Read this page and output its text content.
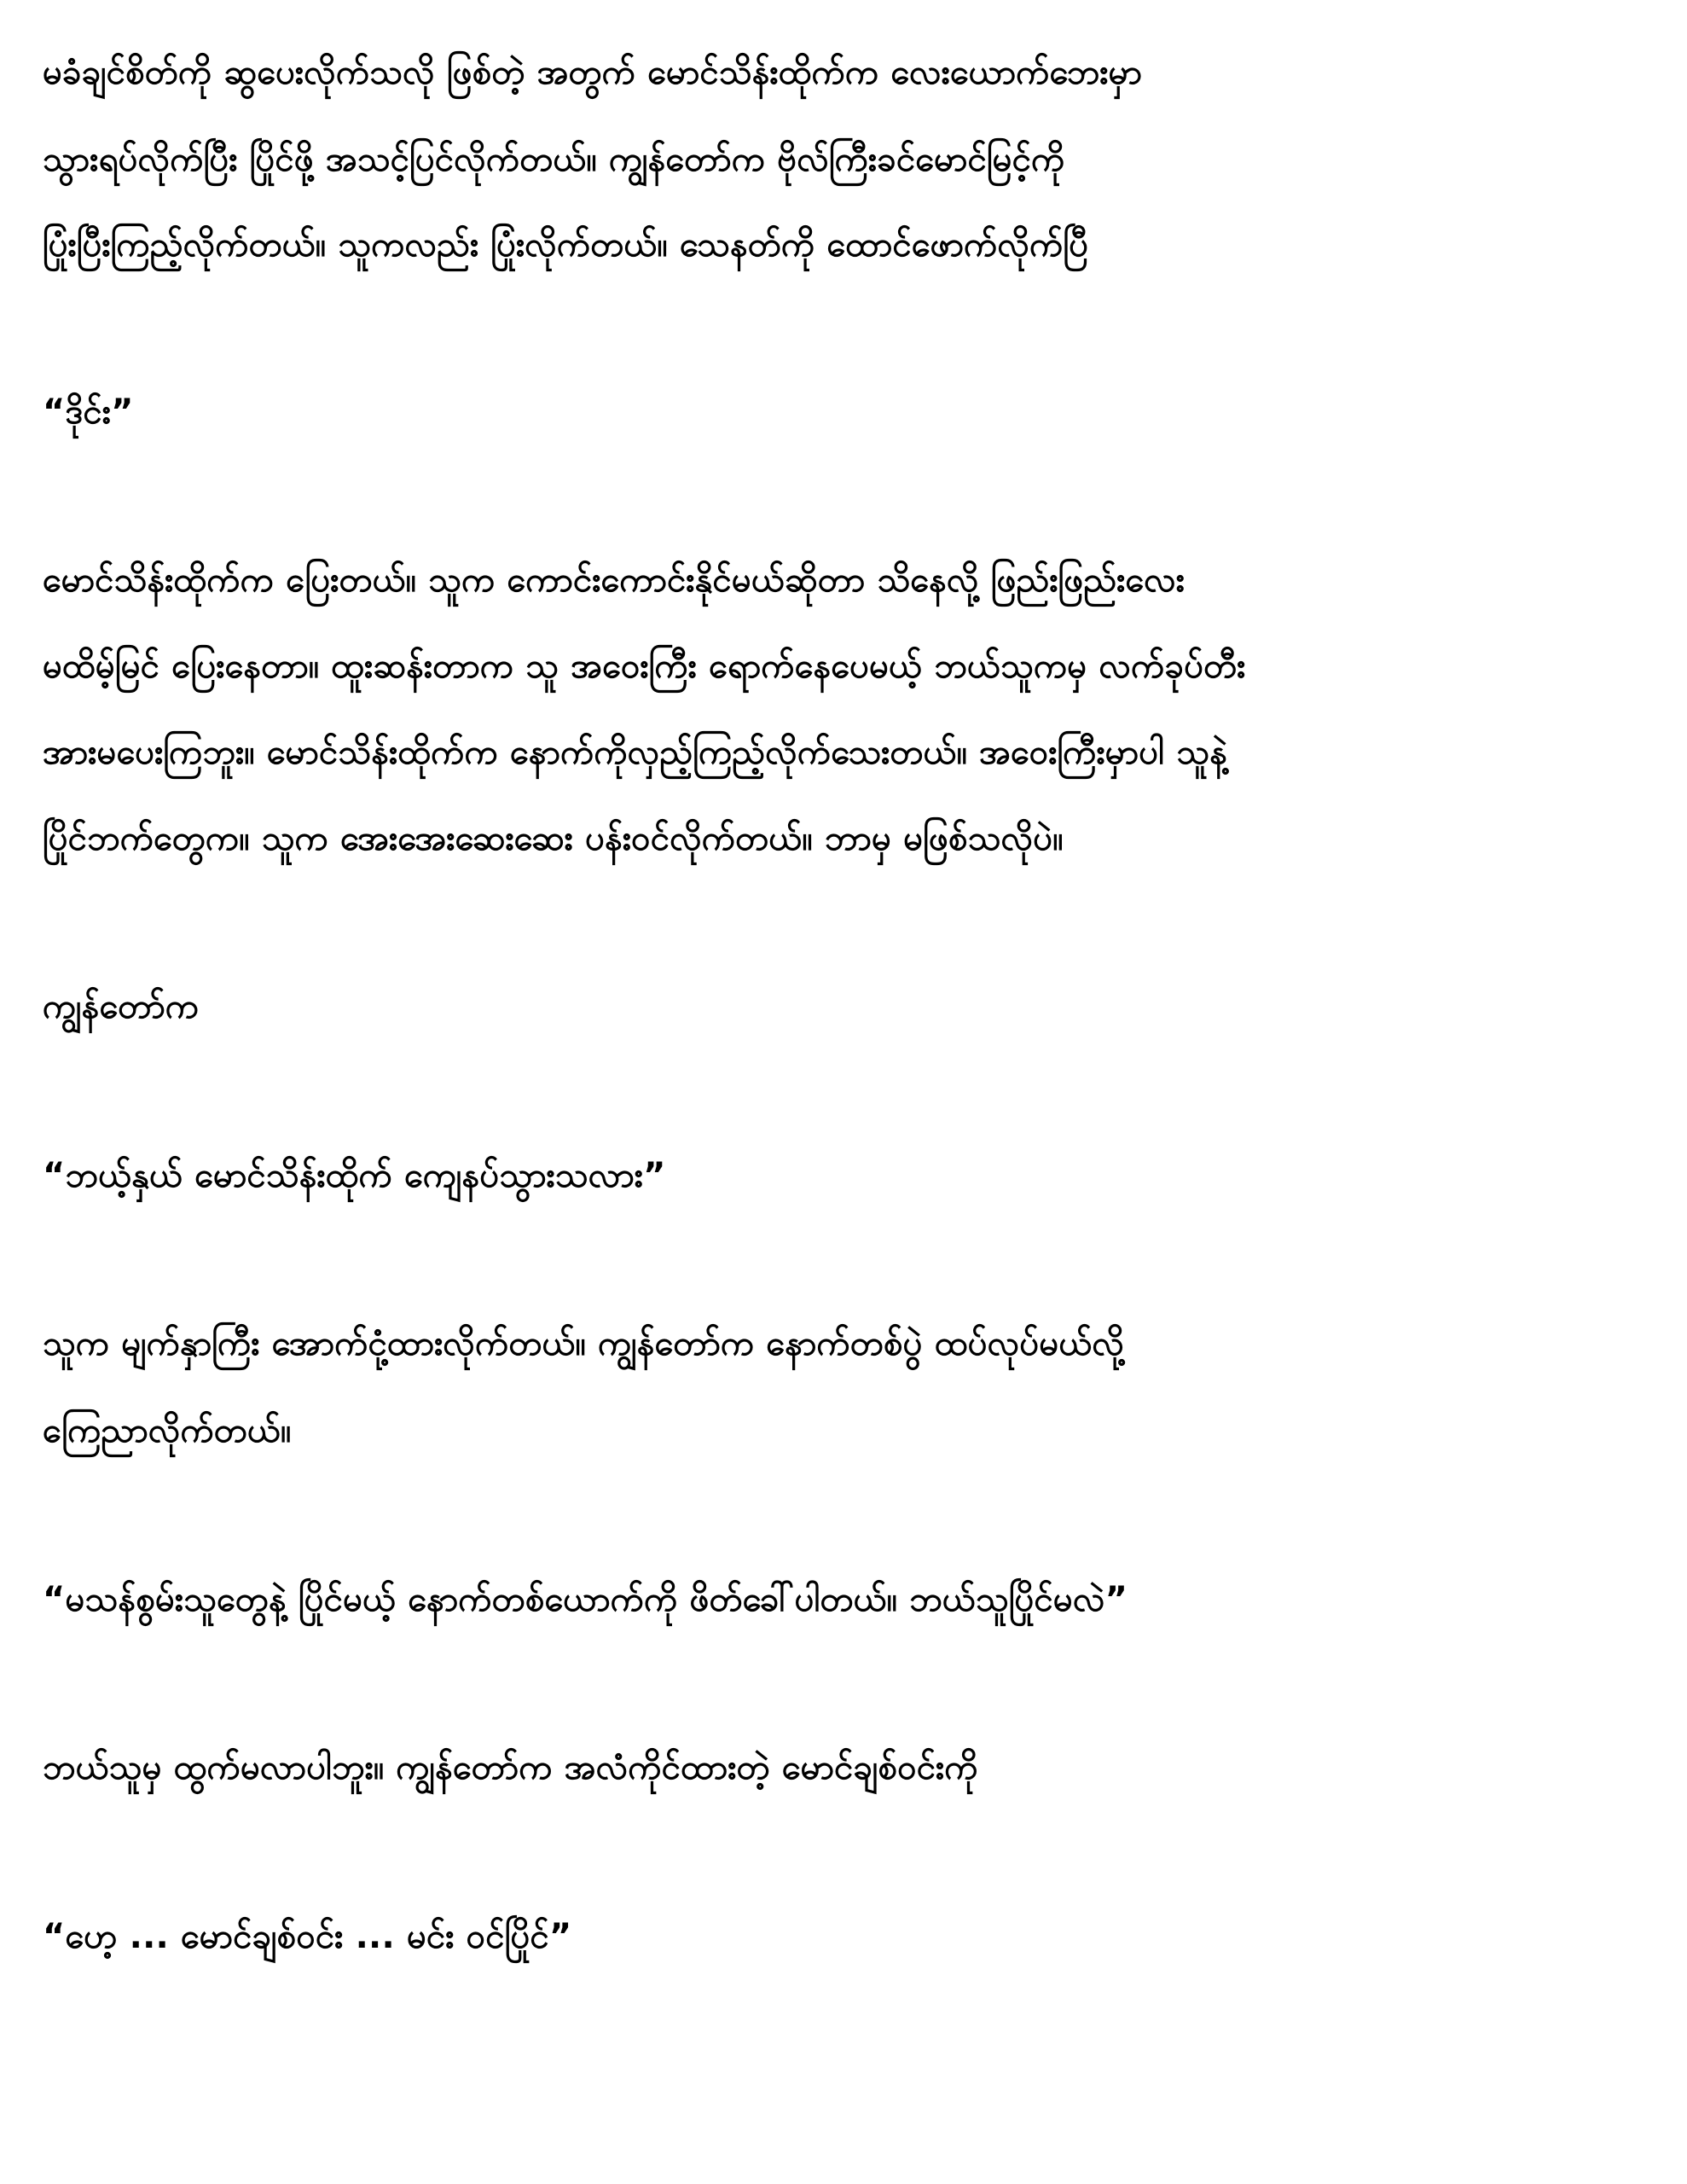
မခံချင်စိတ်ကို ဆွပေးလိုက်သလို ဖြစ်တဲ့ အတွက် မောင်သိန်းထိုက်က လေးယောက်ဘေးမှာ
သွားရပ်လိုက်ပြီး ပြိုင်ဖို့ အသင့်ပြင်လိုက်တယ်။ ကျွန်တော်က ဗိုလ်ကြီးခင်မောင်မြင့်ကို
ပြုံးပြီးကြည့်လိုက်တယ်။ သူကလည်း ပြုံးလိုက်တယ်။ သေနတ်ကို ထောင်ဖောက်လိုက်ပြီ
“ဒိုင်း”
မောင်သိန်းထိုက်က ပြေးတယ်။ သူက ကောင်းကောင်းနိုင်မယ်ဆိုတာ သိနေလို့ ဖြည်းဖြည်းလေး
မထိမ့်မြင် ပြေးနေတာ။ ထူးဆန်းတာက သူ အဝေးကြီး ရောက်နေပေမယ့် ဘယ်သူကမှ လက်ခုပ်တီး
အားမပေးကြဘူး။ မောင်သိန်းထိုက်က နောက်ကိုလှည့်ကြည့်လိုက်သေးတယ်။ အဝေးကြီးမှာပါ သူနဲ့
ပြိုင်ဘက်တွေက။ သူက အေးအေးဆေးဆေး ပန်းဝင်လိုက်တယ်။ ဘာမှ မဖြစ်သလိုပဲ။
ကျွန်တော်က
“ဘယ့်နှယ် မောင်သိန်းထိုက် ကျေနပ်သွားသလား”
သူက မျက်နှာကြီး အောက်ငုံ့ထားလိုက်တယ်။ ကျွန်တော်က နောက်တစ်ပွဲ ထပ်လုပ်မယ်လို့
ကြေညာလိုက်တယ်။
“မသန်စွမ်းသူတွေနဲ့ ပြိုင်မယ့် နောက်တစ်ယောက်ကို ဖိတ်ခေါ်ပါတယ်။ ဘယ်သူပြိုင်မလဲ”
ဘယ်သူမှ ထွက်မလာပါဘူး။ ကျွန်တော်က အလံကိုင်ထားတဲ့ မောင်ချစ်ဝင်းကို
“ဟေ့ ... မောင်ချစ်ဝင်း ... မင်း ဝင်ပြိုင်”
